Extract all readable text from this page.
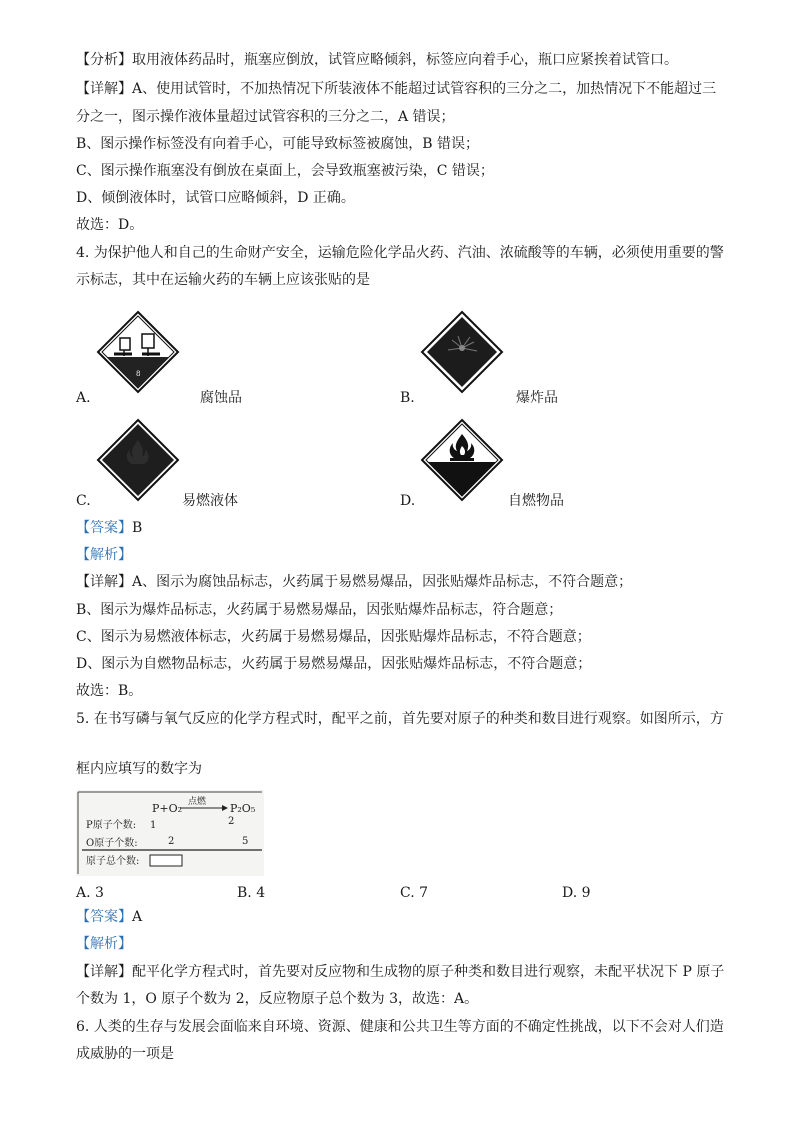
【分析】取用液体药品时，瓶塞应倒放，试管应略倾斜，标签应向着手心，瓶口应紧挨着试管口。
【详解】A、使用试管时，不加热情况下所装液体不能超过试管容积的三分之二，加热情况下不能超过三
分之一，图示操作液体量超过试管容积的三分之二，A 错误；
B、图示操作标签没有向着手心，可能导致标签被腐蚀，B 错误；
C、图示操作瓶塞没有倒放在桌面上，会导致瓶塞被污染，C 错误；
D、倾倒液体时，试管口应略倾斜，D 正确。
故选：D。
4. 为保护他人和自己的生命财产安全，运输危险化学品火药、汽油、浓硫酸等的车辆，必须使用重要的警
示标志，其中在运输火药的车辆上应该张贴的是
8
A.	腐蚀品	B.	爆炸品
C.	易燃液体	D.	自燃物品
【答案】B
【解析】
【详解】A、图示为腐蚀品标志，火药属于易燃易爆品，因张贴爆炸品标志，不符合题意；
B、图示为爆炸品标志，火药属于易燃易爆品，因张贴爆炸品标志，符合题意；
C、图示为易燃液体标志，火药属于易燃易爆品，因张贴爆炸品标志，不符合题意；
D、图示为自燃物品标志，火药属于易燃易爆品，因张贴爆炸品标志，不符合题意；
故选：B。
5. 在书写磷与氧气反应的化学方程式时，配平之前，首先要对原子的种类和数目进行观察。如图所示，方
框内应填写的数字为
P+O₂ 点燃 P₂O₅
P原子个数: 1	2
O原子个数:	2	5
原子总个数:
A. 3	B. 4	C. 7	D. 9
【答案】A
【解析】
【详解】配平化学方程式时，首先要对反应物和生成物的原子种类和数目进行观察，未配平状况下 P 原子
个数为 1，O 原子个数为 2，反应物原子总个数为 3，故选：A。
6. 人类的生存与发展会面临来自环境、资源、健康和公共卫生等方面的不确定性挑战，以下不会对人们造
成威胁的一项是
